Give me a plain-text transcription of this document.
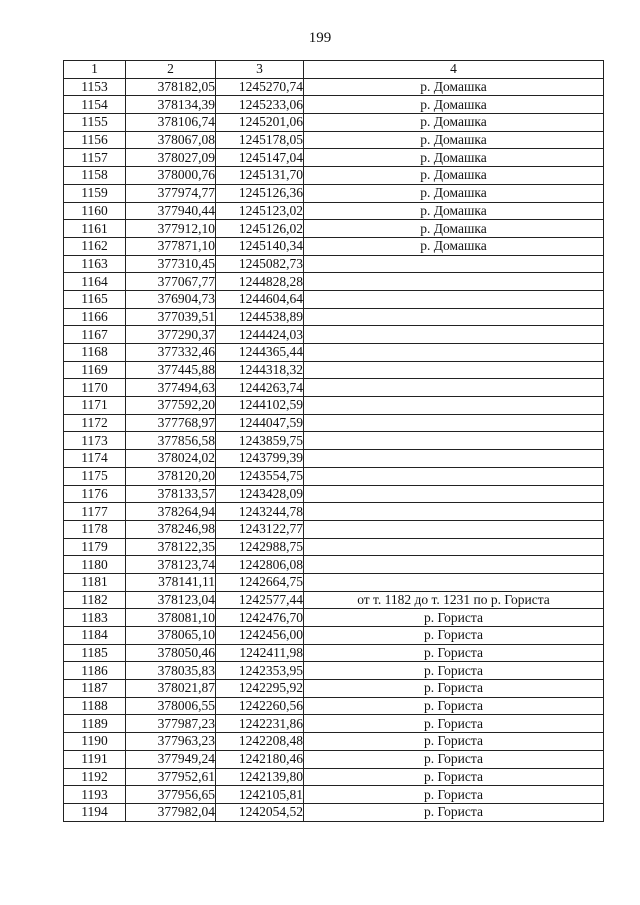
199
1	2	3	4
1153	378182,05	1245270,74	р. Домашка
1154	378134,39	1245233,06	р. Домашка
1155	378106,74	1245201,06	р. Домашка
1156	378067,08	1245178,05	р. Домашка
1157	378027,09	1245147,04	р. Домашка
1158	378000,76	1245131,70	р. Домашка
1159	377974,77	1245126,36	р. Домашка
1160	377940,44	1245123,02	р. Домашка
1161	377912,10	1245126,02	р. Домашка
1162	377871,10	1245140,34	р. Домашка
1163	377310,45	1245082,73	
1164	377067,77	1244828,28	
1165	376904,73	1244604,64	
1166	377039,51	1244538,89	
1167	377290,37	1244424,03	
1168	377332,46	1244365,44	
1169	377445,88	1244318,32	
1170	377494,63	1244263,74	
1171	377592,20	1244102,59	
1172	377768,97	1244047,59	
1173	377856,58	1243859,75	
1174	378024,02	1243799,39	
1175	378120,20	1243554,75	
1176	378133,57	1243428,09	
1177	378264,94	1243244,78	
1178	378246,98	1243122,77	
1179	378122,35	1242988,75	
1180	378123,74	1242806,08	
1181	378141,11	1242664,75	
1182	378123,04	1242577,44	от т. 1182 до т. 1231 по р. Гориста
1183	378081,10	1242476,70	р. Гориста
1184	378065,10	1242456,00	р. Гориста
1185	378050,46	1242411,98	р. Гориста
1186	378035,83	1242353,95	р. Гориста
1187	378021,87	1242295,92	р. Гориста
1188	378006,55	1242260,56	р. Гориста
1189	377987,23	1242231,86	р. Гориста
1190	377963,23	1242208,48	р. Гориста
1191	377949,24	1242180,46	р. Гориста
1192	377952,61	1242139,80	р. Гориста
1193	377956,65	1242105,81	р. Гориста
1194	377982,04	1242054,52	р. Гориста
